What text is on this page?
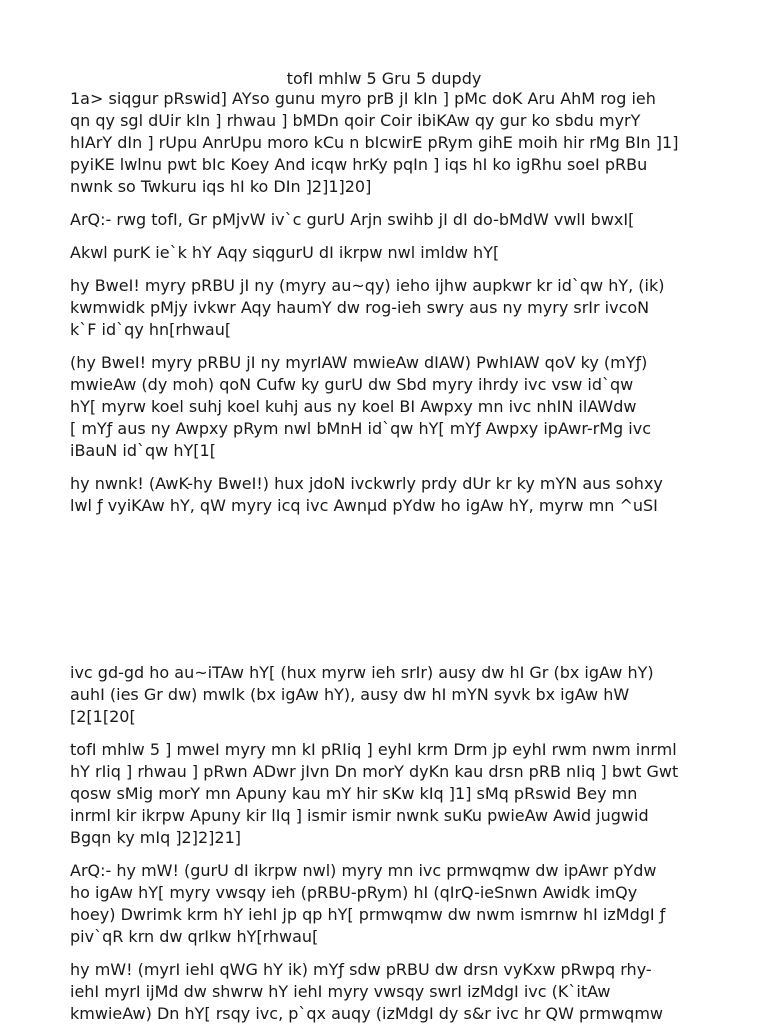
tofI mhlw 5 Gru 5 dupdy

1a> siqgur pRswid] AYso gunu myro prB jI kIn ] pMc doK Aru AhM rog ieh
qn qy sgl dUir kIn ] rhwau ] bMDn qoir Coir ibiKAw qy gur ko sbdu myrY
hIArY dIn ] rUpu AnrUpu moro kCu n bIcwirE pRym gihE moih hir rMg BIn ]1]
pyiKE lwlnu pwt bIc Koey And icqw hrKy pqIn ] iqs hI ko igRhu soeI pRBu
nwnk so Twkuru iqs hI ko DIn ]2]1]20]

ArQ:- rwg tofI, Gr pMjvW iv`c gurU Arjn swihb jI dI do-bMdW vwlI bwxI[

Akwl purK ie`k hY Aqy siqgurU dI ikrpw nwl imldw hY[

hy BweI! myry pRBU jI ny (myry au~qy) ieho ijhw aupkwr kr id`qw hY, (ik)
kwmwidk pMjy ivkwr Aqy haumY dw rog-ieh swry aus ny myry srIr ivcoN
k`F id`qy hn[rhwau[

(hy BweI! myry pRBU jI ny myrIAW mwieAw dIAW) PwhIAW qoV ky (mYƒ)
mwieAw (dy moh) qoN Cufw ky gurU dw Sbd myry ihrdy ivc vsw id`qw
hY[ myrw koel suhj koel kuhj aus ny koel BI Awpxy mn ivc nhIN ilAWdw
[ mYƒ aus ny Awpxy pRym nwl bMnH id`qw hY[ mYƒ Awpxy ipAwr-rMg ivc
iBauN id`qw hY[1[

hy nwnk! (AwK-hy BweI!) hux jdoN ivckwrly prdy dUr kr ky mYN aus sohxy
lwl ƒ vyiKAw hY, qW myry icq ivc Awnµd pYdw ho igAw hY, myrw mn ^uSI

ivc gd-gd ho au~iTAw hY[ (hux myrw ieh srIr) ausy dw hI Gr (bx igAw hY)
auhI (ies Gr dw) mwlk (bx igAw hY), ausy dw hI mYN syvk bx igAw hW
[2[1[20[

tofI mhlw 5 ] mweI myry mn kI pRIiq ] eyhI krm Drm jp eyhI rwm nwm inrml
hY rIiq ] rhwau ] pRwn ADwr jIvn Dn morY dyKn kau drsn pRB nIiq ] bwt Gwt
qosw sMig morY mn Apuny kau mY hir sKw kIq ]1] sMq pRswid Bey mn
inrml kir ikrpw Apuny kir lIq ] ismir ismir nwnk suKu pwieAw Awid jugwid
Bgqn ky mIq ]2]2]21]

ArQ:- hy mW! (gurU dI ikrpw nwl) myry mn ivc prmwqmw dw ipAwr pYdw
ho igAw hY[ myry vwsqy ieh (pRBU-pRym) hI (qIrQ-ieSnwn Awidk imQy
hoey) Dwrimk krm hY iehI jp qp hY[ prmwqmw dw nwm ismrnw hI izMdgI ƒ
piv`qR krn dw qrIkw hY[rhwau[

hy mW! (myrI iehI qWG hY ik) mYƒ sdw pRBU dw drsn vyKxw pRwpq rhy-
iehI myrI ijMd dw shwrw hY iehI myry vwsqy swrI izMdgI ivc (K`itAw
kmwieAw) Dn hY[ rsqy ivc, p`qx auqy (izMdgI dy s&r ivc hr QW prmwqmw
